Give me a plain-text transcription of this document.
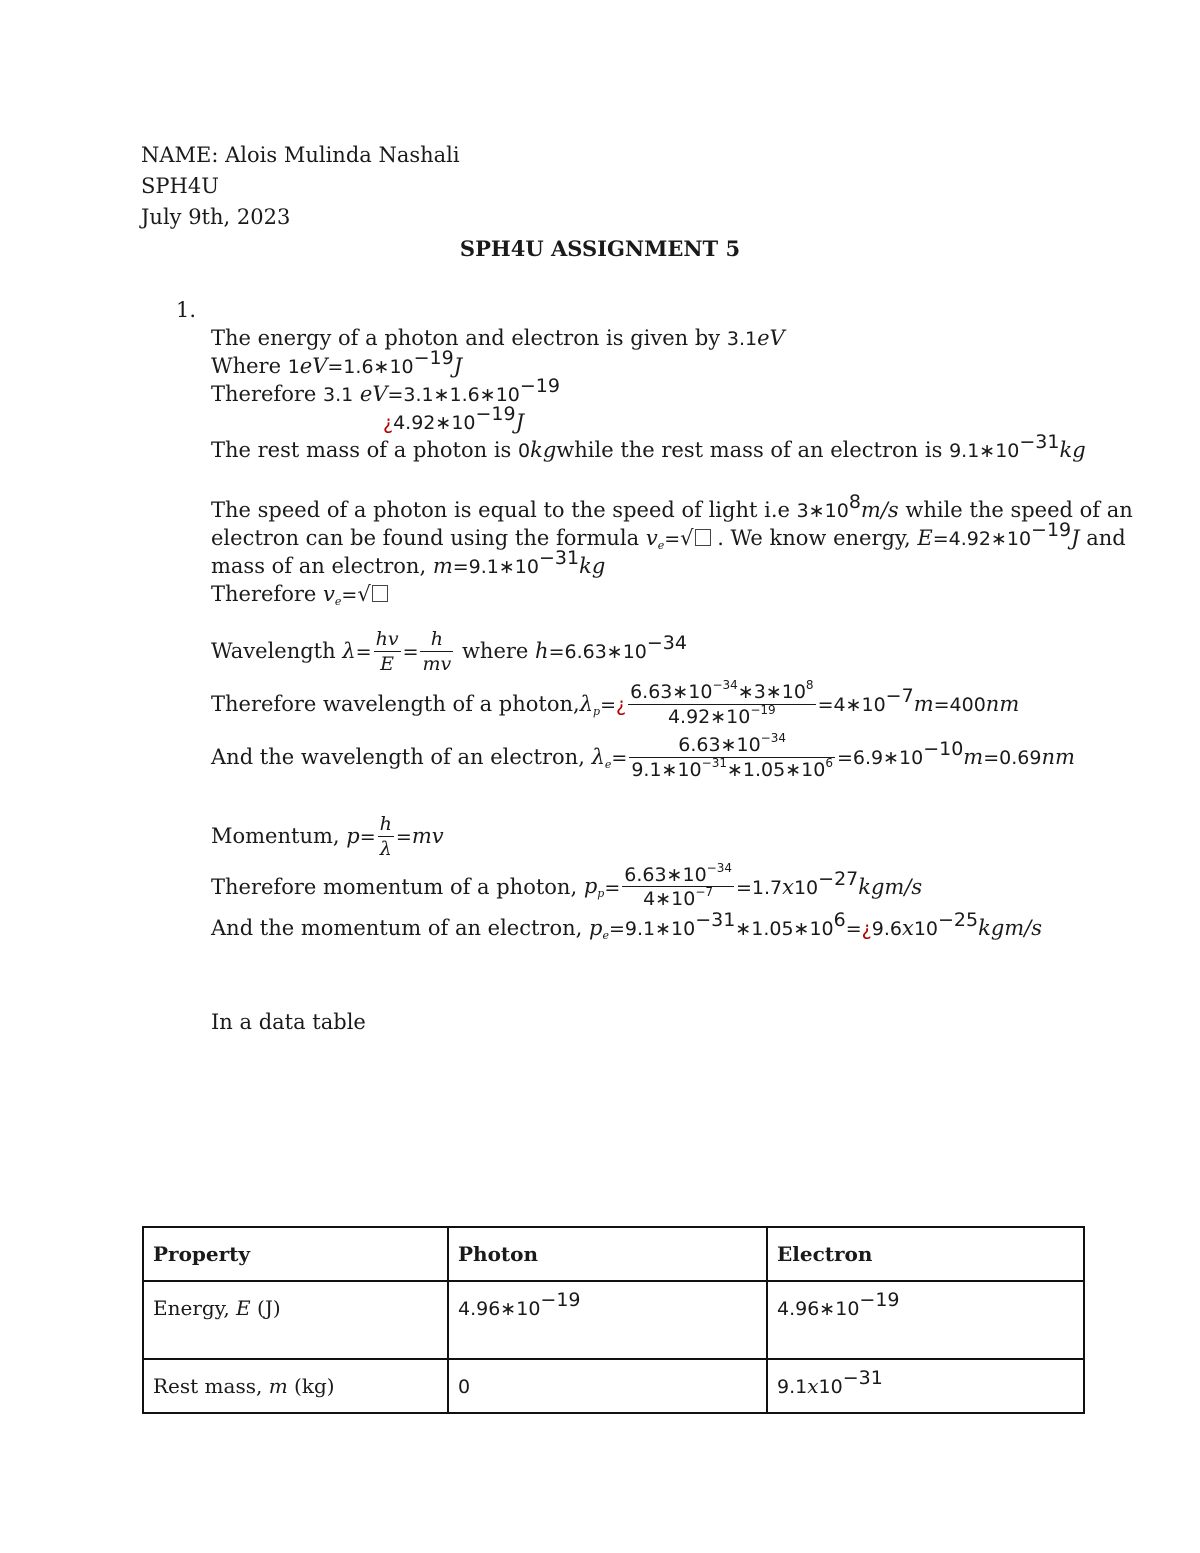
NAME: Alois Mulinda Nashali
SPH4U
July 9th, 2023
SPH4U ASSIGNMENT 5
1.
The energy of a photon and electron is given by 3.1eV
Where $1eV=1.6∗10^{-19}J$
Therefore 3.1 $eV=3.1∗1.6∗10^{-19}$
¿$4.92∗10^{-19}J$
The rest mass of a photon is 0kgwhile the rest mass of an electron is $9.1∗10^{-31}kg$
The speed of a photon is equal to the speed of light i.e $3∗10^8m/s$ while the speed of an
electron can be found using the formula $v_e=√$ . We know energy, $E=4.92∗10^{-19}J$ and
mass of an electron, $m=9.1∗10^{-31}kg$
Therefore $v_e=√$
Wavelength $\lambda= \frac{hv}{E} = \frac{h}{mv}$ where $h=6.63∗10^{-34}$
Therefore wavelength of a $photon,\lambda_p=¿ \frac{6.63∗10^{-34}∗3∗10^8}{4.92∗10^{-19}}$ $=4∗10^{-7}m=400nm$
And the wavelength of an electron, $\lambda_e= \frac{6.63∗10^{-34}}{9.1∗10^{-31}∗1.05∗10^6}$ $=6.9∗10^{-10}m=0.69nm$
Momentum, $p= \frac{h}{\lambda} =mv$
Therefore momentum of a photon, $p_p= \frac{6.63∗10^{-34}}{4∗10^{-7}} =1.7x10^{-27}kgm/s$
And the momentum of an electron, $p_e=9.1∗10^{-31}∗1.05∗10^6=¿9.6x10^{-25}kgm/s$
In a data table
Property	Photon	Electron
Energy, E (J)	$4.96∗10^{-19}$	$4.96∗10^{-19}$
Rest mass, m (kg)	0	$9.1x10^{-31}$
